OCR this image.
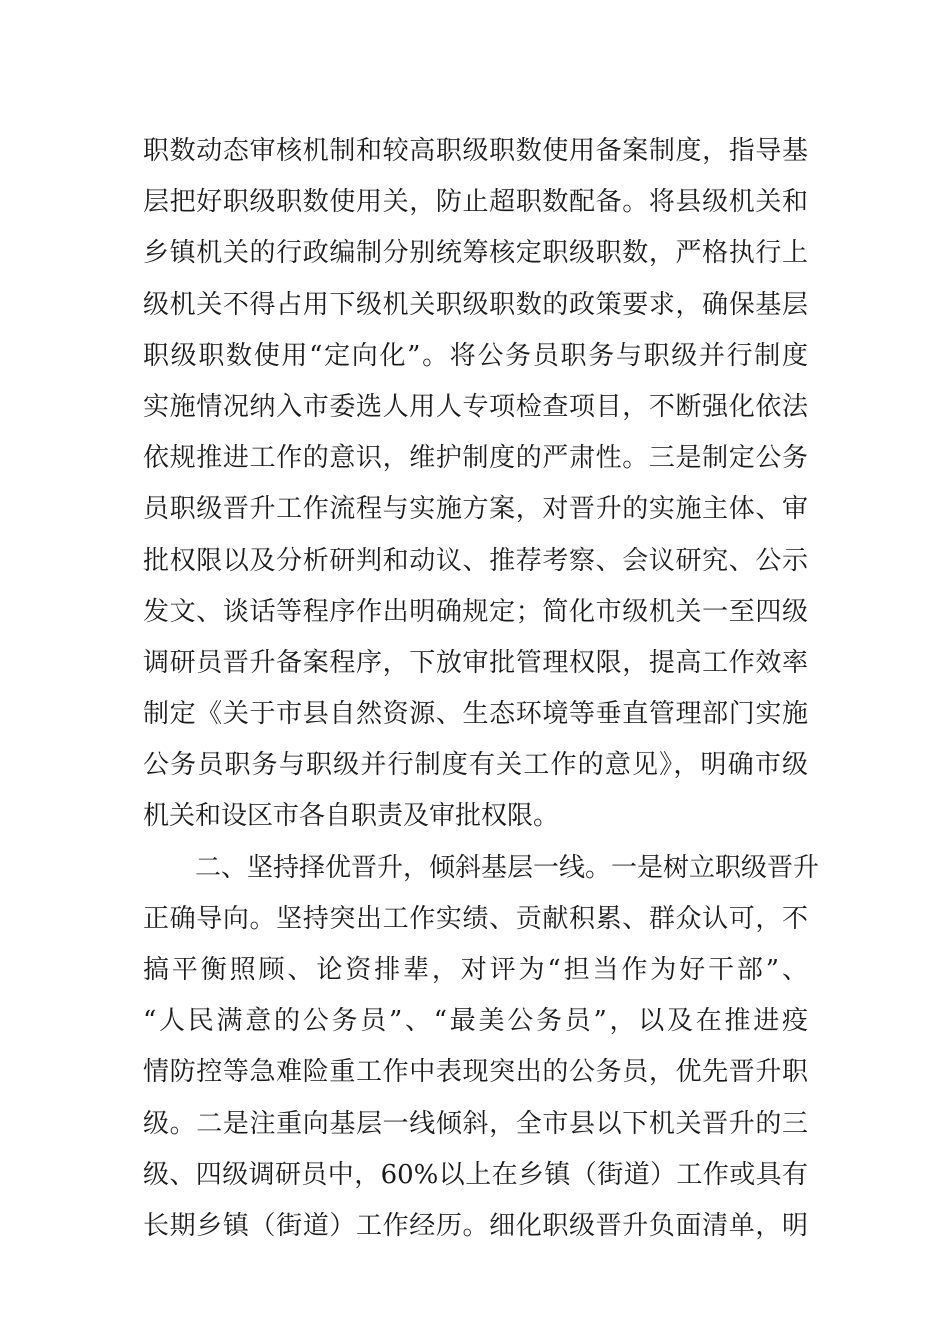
职数动态审核机制和较高职级职数使用备案制度，指导基
层把好职级职数使用关，防止超职数配备。将县级机关和
乡镇机关的行政编制分别统筹核定职级职数，严格执行上
级机关不得占用下级机关职级职数的政策要求，确保基层
职级职数使用“定向化”。将公务员职务与职级并行制度
实施情况纳入市委选人用人专项检查项目，不断强化依法
依规推进工作的意识，维护制度的严肃性。三是制定公务
员职级晋升工作流程与实施方案，对晋升的实施主体、审
批权限以及分析研判和动议、推荐考察、会议研究、公示
发文、谈话等程序作出明确规定；简化市级机关一至四级
调研员晋升备案程序，下放审批管理权限，提高工作效率
制定《关于市县自然资源、生态环境等垂直管理部门实施
公务员职务与职级并行制度有关工作的意见》，明确市级
机关和设区市各自职责及审批权限。
二、坚持择优晋升，倾斜基层一线。一是树立职级晋升
正确导向。坚持突出工作实绩、贡献积累、群众认可，不
搞平衡照顾、论资排辈，对评为“担当作为好干部”、
“人民满意的公务员”、“最美公务员”，以及在推进疫
情防控等急难险重工作中表现突出的公务员，优先晋升职
级。二是注重向基层一线倾斜，全市县以下机关晋升的三
级、四级调研员中，60%以上在乡镇（街道）工作或具有
长期乡镇（街道）工作经历。细化职级晋升负面清单，明
